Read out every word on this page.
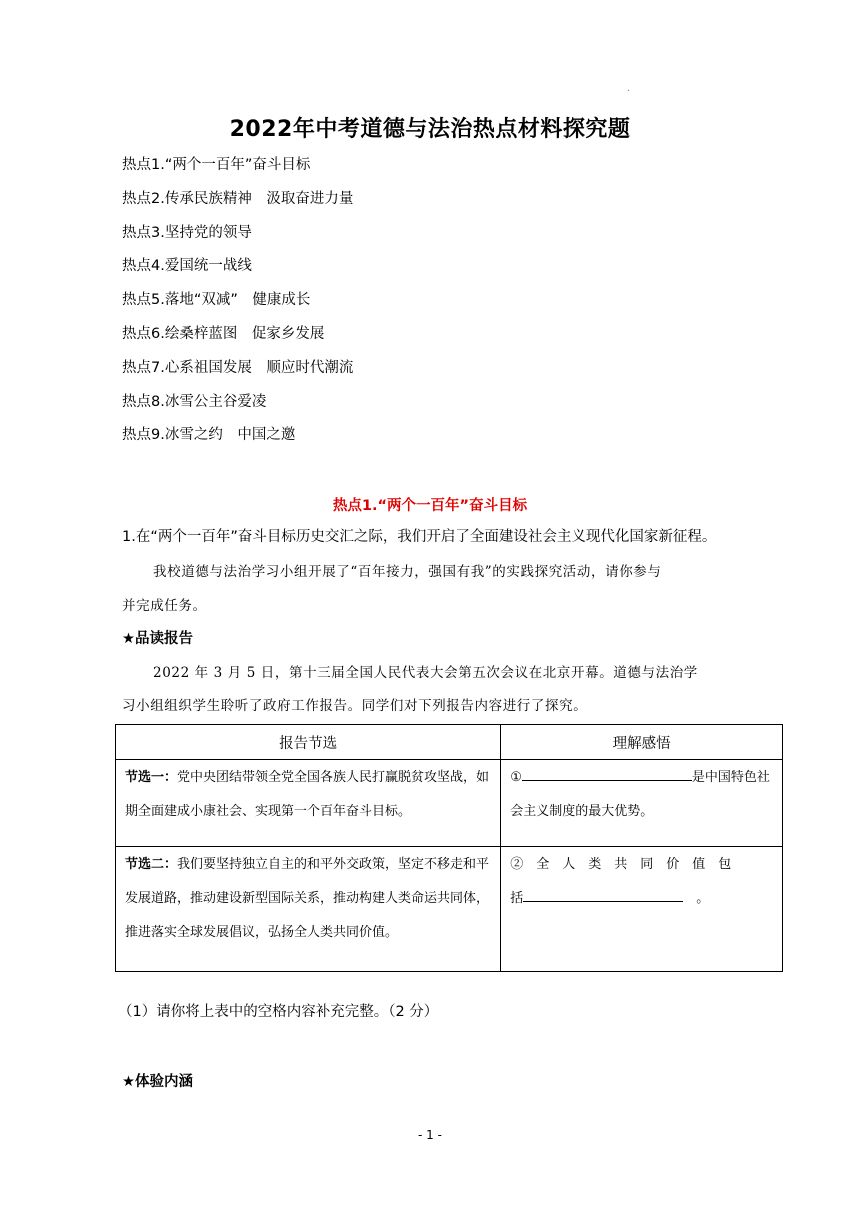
·
2022年中考道德与法治热点材料探究题
热点1.“两个一百年”奋斗目标
热点2.传承民族精神　汲取奋进力量
热点3.坚持党的领导
热点4.爱国统一战线
热点5.落地“双减”　健康成长
热点6.绘桑梓蓝图　促家乡发展
热点7.心系祖国发展　顺应时代潮流
热点8.冰雪公主谷爱凌
热点9.冰雪之约　中国之邀
热点1.“两个一百年”奋斗目标
1.在“两个一百年”奋斗目标历史交汇之际，我们开启了全面建设社会主义现代化国家新征程。
我校道德与法治学习小组开展了“百年接力，强国有我”的实践探究活动，请你参与
并完成任务。
★品读报告
2022 年 3 月 5 日，第十三届全国人民代表大会第五次会议在北京开幕。道德与法治学
习小组组织学生聆听了政府工作报告。同学们对下列报告内容进行了探究。
报告节选	理解感悟

节选一：党中央团结带领全党全国各族人民打赢脱贫攻坚战，如期全面建成小康社会、实现第一个百年奋斗目标。	① 是中国特色社会主义制度的最大优势。

节选二：我们要坚持独立自主的和平外交政策，坚定不移走和平发展道路，推动建设新型国际关系，推动构建人类命运共同体，推进落实全球发展倡议，弘扬全人类共同价值。	②　全　人　类　共　同　价　值　包
括 　。
（1）请你将上表中的空格内容补充完整。（2 分）
★体验内涵
- 1 -
